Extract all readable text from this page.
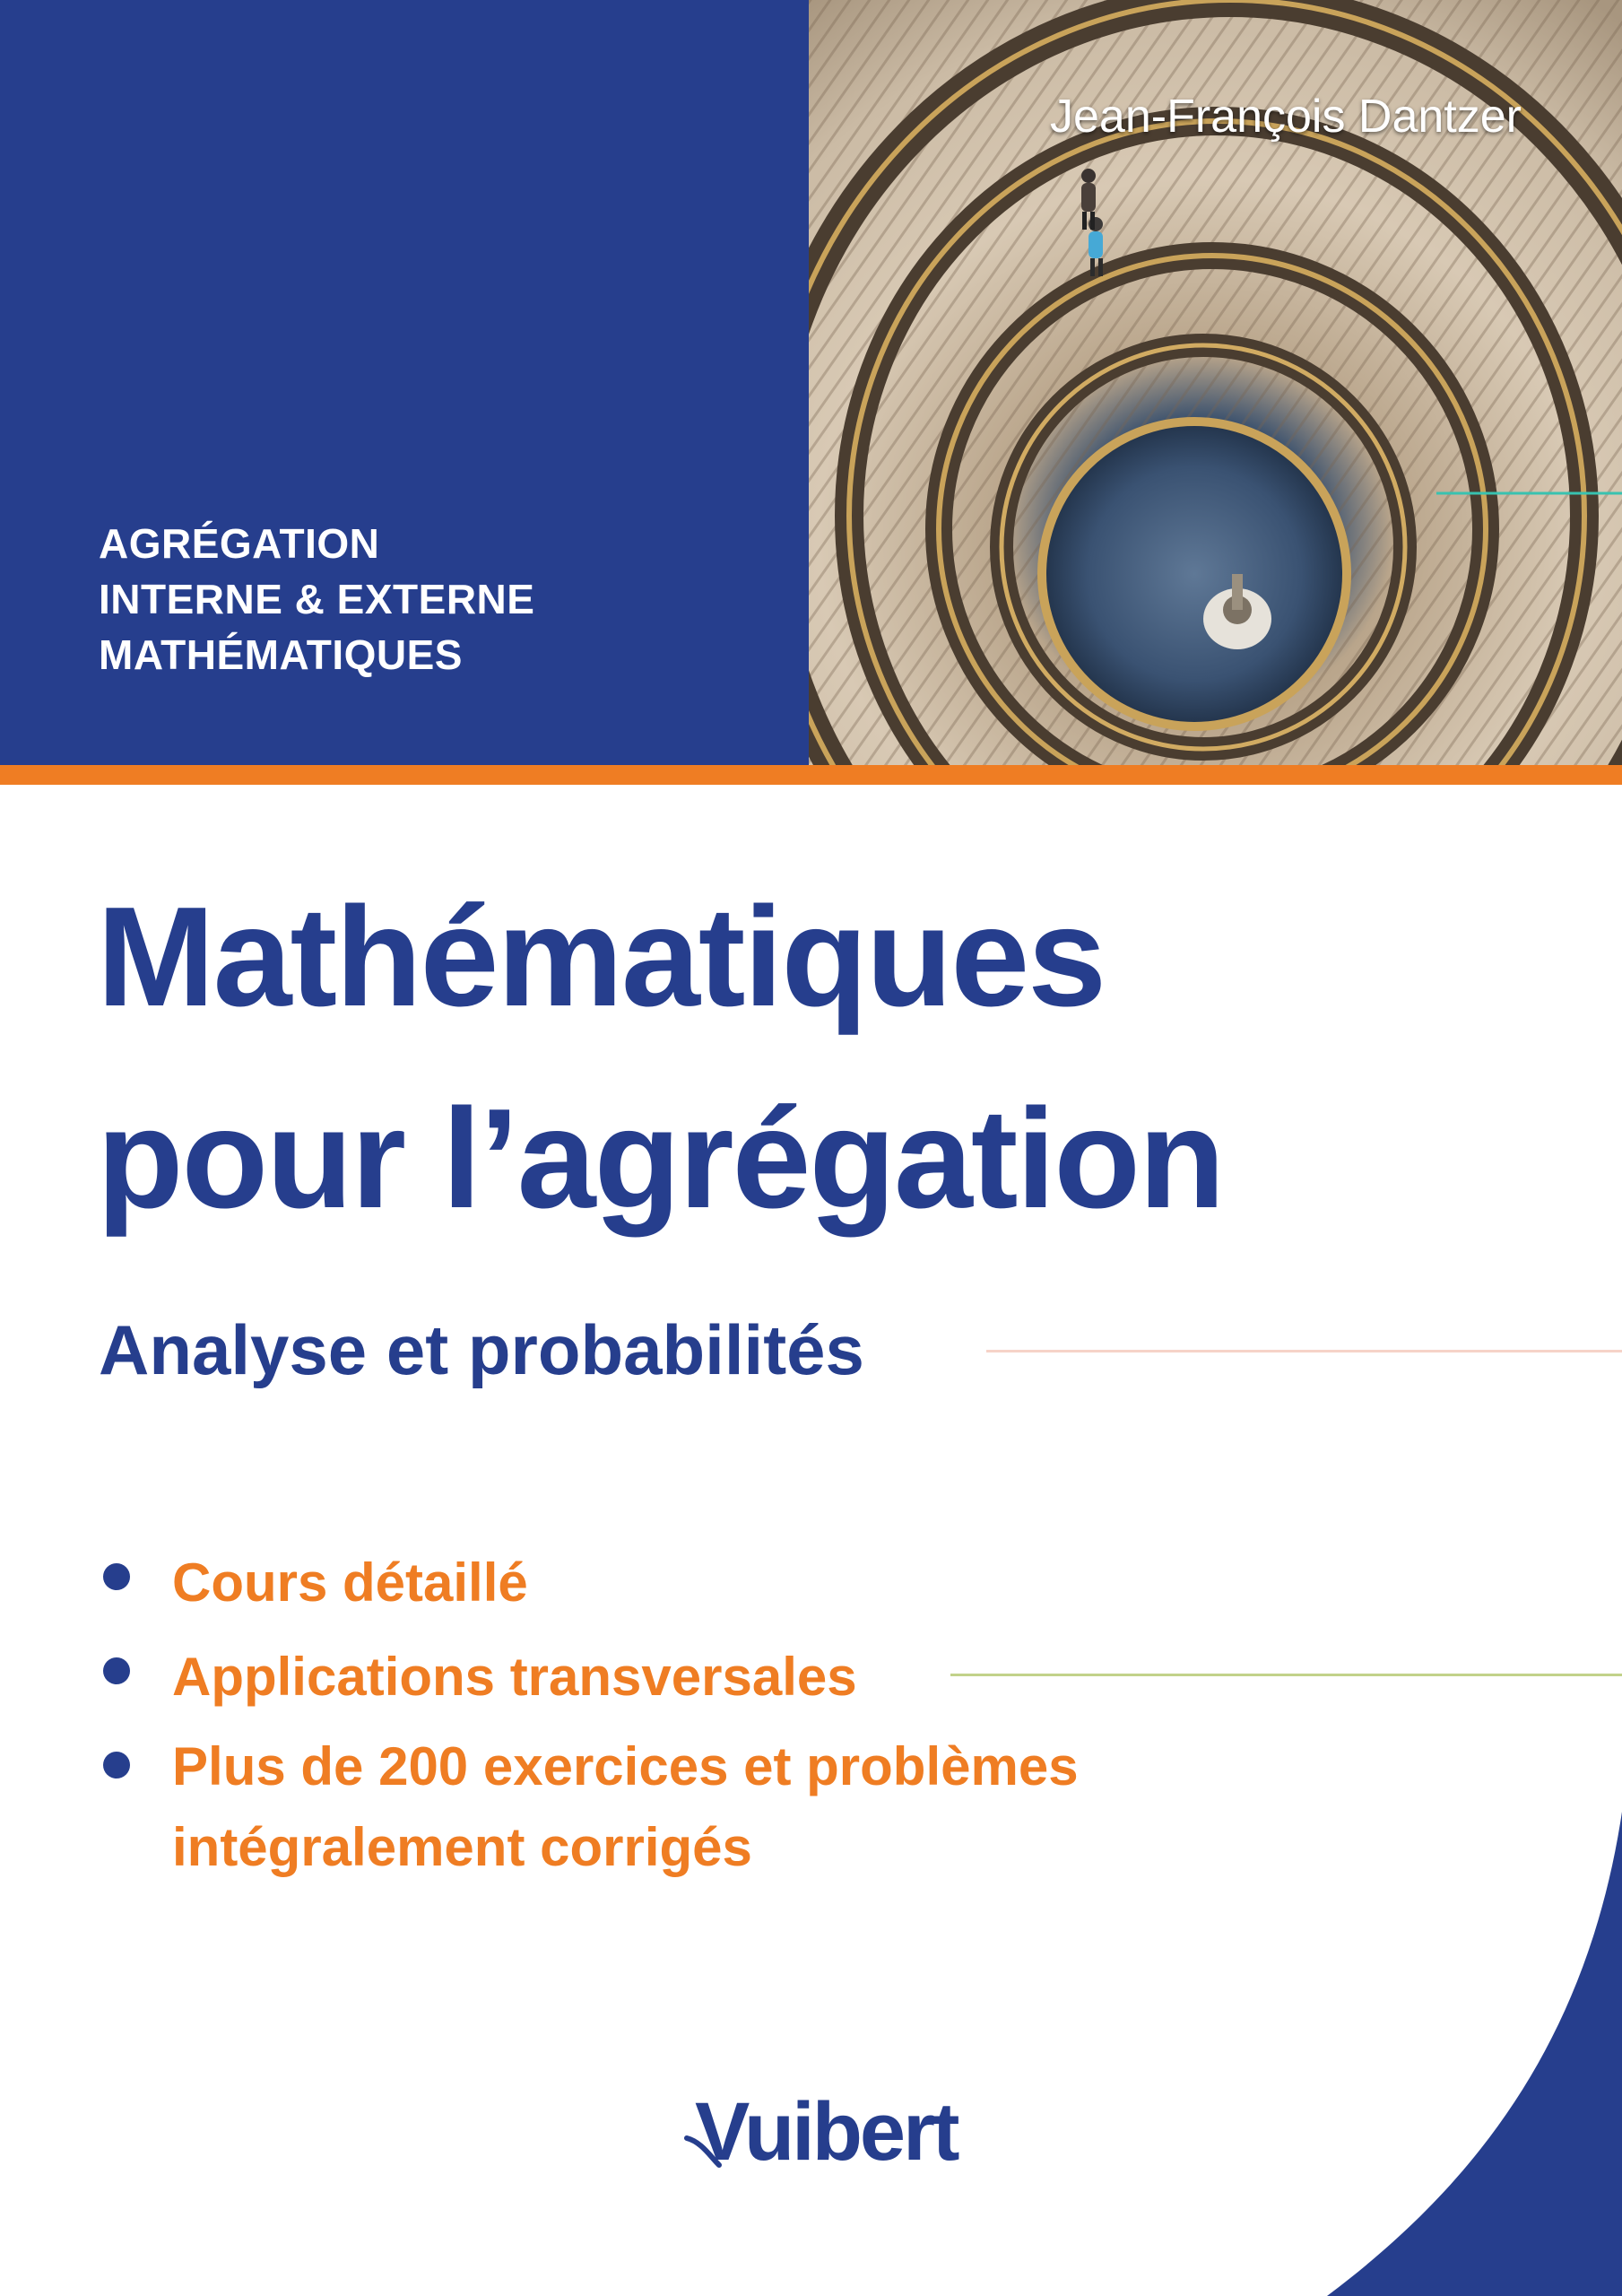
AGRÉGATION
INTERNE & EXTERNE
MATHÉMATIQUES

Jean-François Dantzer

Mathématiques
pour l’agrégation
Analyse et probabilités
Cours détaillé
Applications transversales
Plus de 200 exercices et problèmes intégralement corrigés

Vuibert
